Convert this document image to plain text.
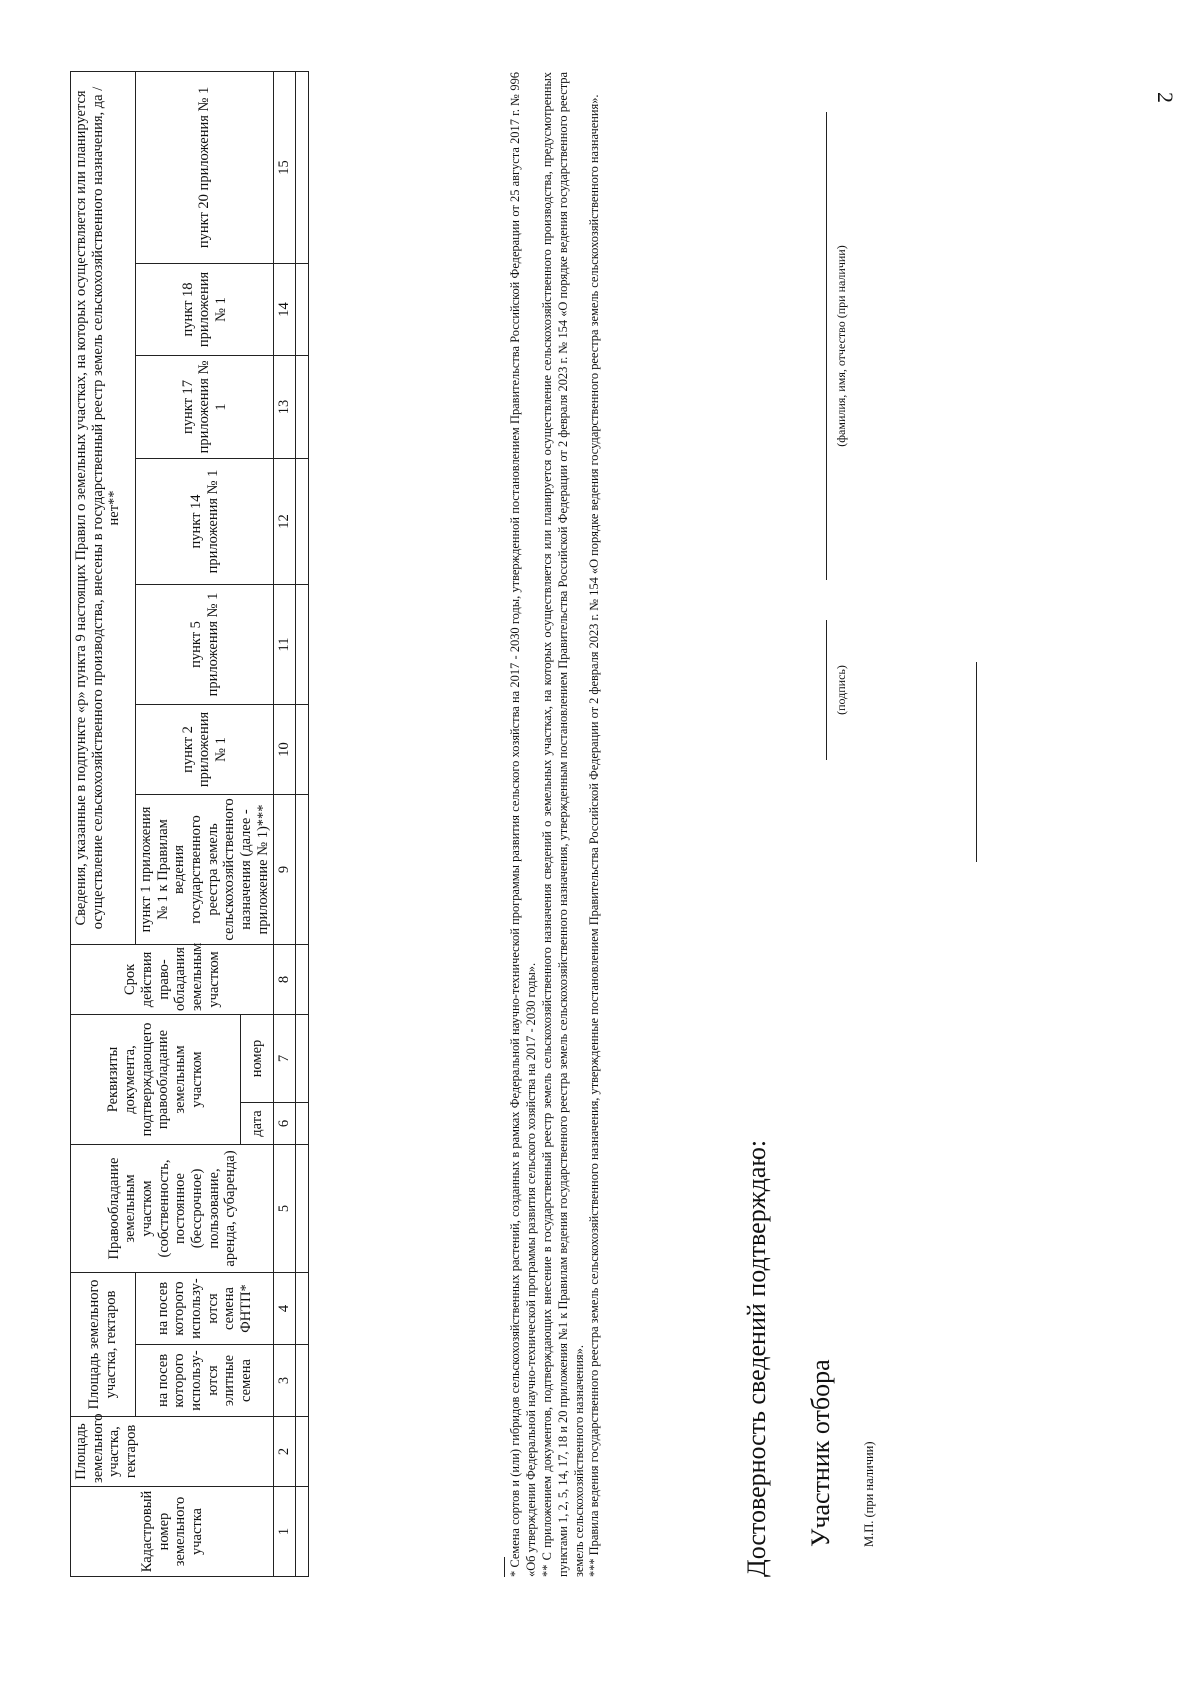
2
Кадастровый номер земельного участка	Площадь земельного участка, гектаров	Площадь земельного участка, гектаров		Правообладание земельным участком (собственность, постоянное (бессрочное) пользование, аренда, субаренда)	Реквизиты документа, подтверждающего правообладание земельным участком		Срок действия право-обладания земельным участком	Сведения, указанные в подпункте «р» пункта 9 настоящих Правил о земельных участках, на которых осуществляется или планируется осуществление сельскохозяйственного производства, внесены в государственный реестр земель сельскохозяйственного назначения, да / нет**						
		на посев которого использу-ются элитные семена	на посев которого использу-ются семена ФНТП*					пункт 1 приложения № 1 к Правилам ведения государственного реестра земель сельскохозяйственного назначения (далее - приложение № 1)***	пункт 2 приложения № 1	пункт 5 приложения № 1	пункт 14 приложения № 1	пункт 17 приложения № 1	пункт 18 приложения № 1	пункт 20 приложения № 1
					дата	номер								
1	2	3	4	5	6	7	8	9	10	11	12	13	14	15
															* Семена сортов и (или) гибридов сельскохозяйственных растений, созданных в рамках Федеральной научно-технической программы развития сельского хозяйства на 2017 - 2030 годы, утвержденной постановлением Правительства Российской Федерации от 25 августа 2017 г. № 996 «Об утверждении Федеральной научно-технической программы развития сельского хозяйства на 2017 - 2030 годы». ** С приложением документов, подтверждающих внесение в государственный реестр земель сельскохозяйственного назначения сведений о земельных участках, на которых осуществляется или планируется осуществление сельскохозяйственного производства, предусмотренных пунктами 1, 2, 5, 14, 17, 18 и 20 приложения №1 к Правилам ведения государственного реестра земель сельскохозяйственного назначения, утвержденным постановлением Правительства Российской Федерации от 2 февраля 2023 г. № 154 «О порядке ведения государственного реестра земель сельскохозяйственного назначения». *** Правила ведения государственного реестра земель сельскохозяйственного назначения, утвержденные постановлением Правительства Российской Федерации от 2 февраля 2023 г. № 154 «О порядке ведения государственного реестра земель сельскохозяйственного назначения».	Достоверность сведений подтверждаю: Участник отбора М.П. (при наличии)
(подпись)
(фамилия, имя, отчество (при наличии)
